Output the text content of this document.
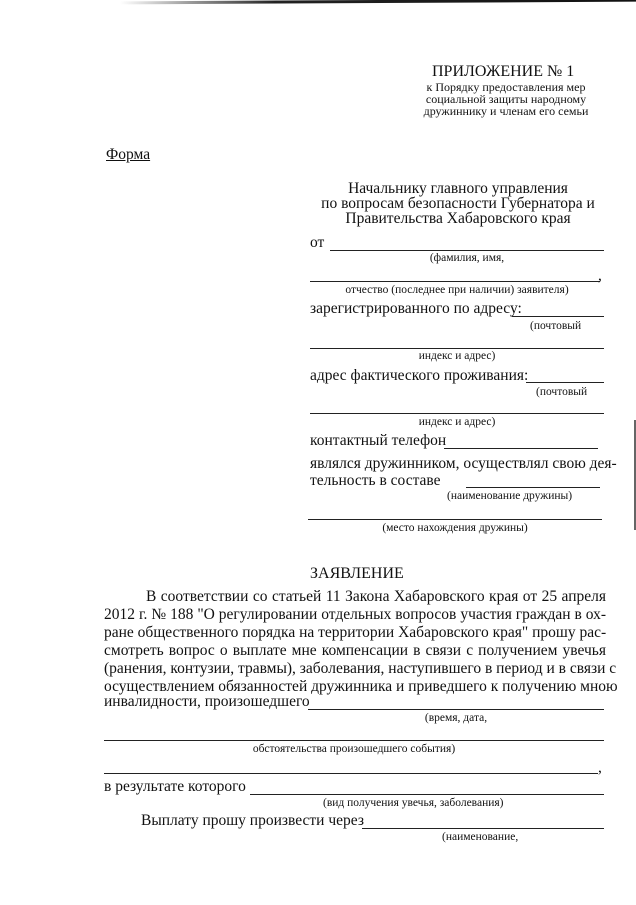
ПРИЛОЖЕНИЕ № 1
к Порядку предоставления мер
социальной защиты народному
дружиннику и членам его семьи
Форма
Начальнику главного управления
по вопросам безопасности Губернатора и
Правительства Хабаровского края
от
(фамилия, имя,
,
отчество (последнее при наличии) заявителя)
зарегистрированного по адресу:
(почтовый
индекс и адрес)
адрес фактического проживания:
(почтовый
индекс и адрес)
контактный телефон
являлся дружинником, осуществлял свою дея-
тельность в составе
(наименование дружины)
(место нахождения дружины)
ЗАЯВЛЕНИЕ
В соответствии со статьей 11 Закона Хабаровского края от 25 апреля
2012 г. № 188 "О регулировании отдельных вопросов участия граждан в ох-
ране общественного порядка на территории Хабаровского края" прошу рас-
смотреть вопрос о выплате мне компенсации в связи с получением увечья
(ранения, контузии, травмы), заболевания, наступившего в период и в связи с
осуществлением обязанностей дружинника и приведшего к получению мною
инвалидности, произошедшего
(время, дата,
обстоятельства произошедшего события)
,
в результате которого
(вид получения увечья, заболевания)
Выплату прошу произвести через
(наименование,
